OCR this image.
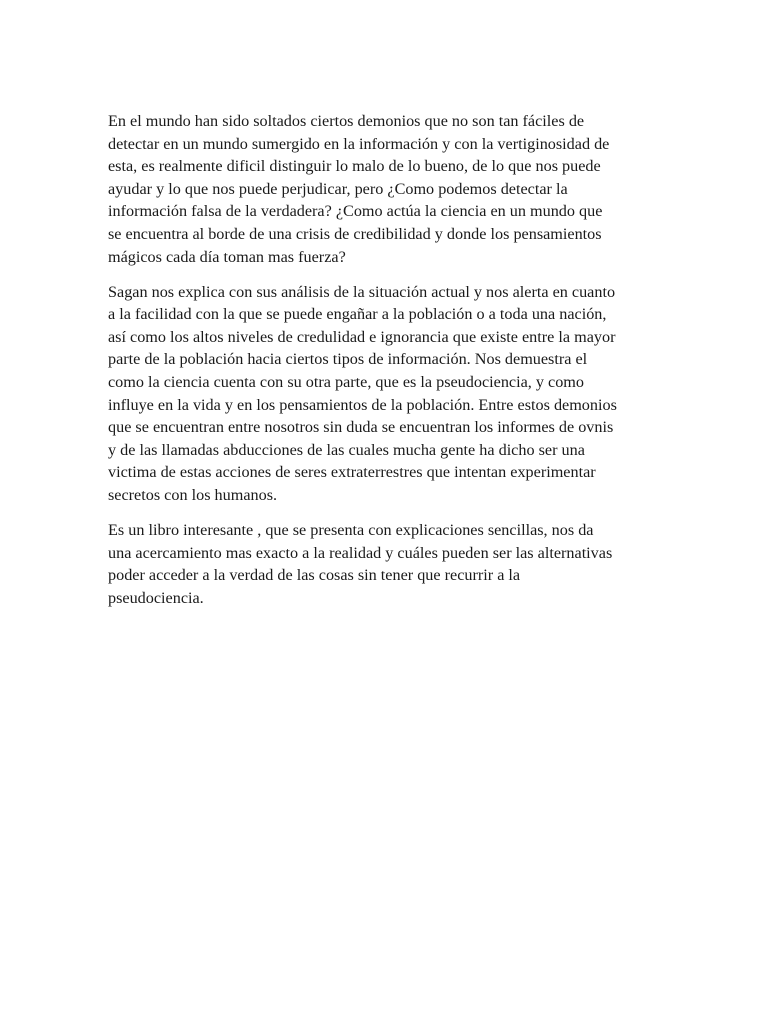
En el mundo han sido soltados ciertos demonios que no son tan fáciles de
detectar en un mundo sumergido en la información y con la vertiginosidad de
esta, es realmente dificil distinguir lo malo de lo bueno, de lo que nos puede
ayudar y lo que nos puede perjudicar, pero ¿Como podemos detectar la
información falsa de la verdadera? ¿Como actúa la ciencia en un mundo que
se encuentra al borde de una crisis de credibilidad y donde los pensamientos
mágicos cada día toman mas fuerza?
Sagan nos explica con sus análisis de la situación actual y nos alerta en cuanto
a la facilidad con la que se puede engañar a la población o a toda una nación,
así como los altos niveles de credulidad e ignorancia que existe entre la mayor
parte de la población hacia ciertos tipos de información. Nos demuestra el
como la ciencia cuenta con su otra parte, que es la pseudociencia, y como
influye en la vida y en los pensamientos de la población. Entre estos demonios
que se encuentran entre nosotros sin duda se encuentran los informes de ovnis
y de las llamadas abducciones de las cuales mucha gente ha dicho ser una
victima de estas acciones de seres extraterrestres que intentan experimentar
secretos con los humanos.
Es un libro interesante , que se presenta con explicaciones sencillas, nos da
una acercamiento mas exacto a la realidad y cuáles pueden ser las alternativas
poder acceder a la verdad de las cosas sin tener que recurrir a la
pseudociencia.
